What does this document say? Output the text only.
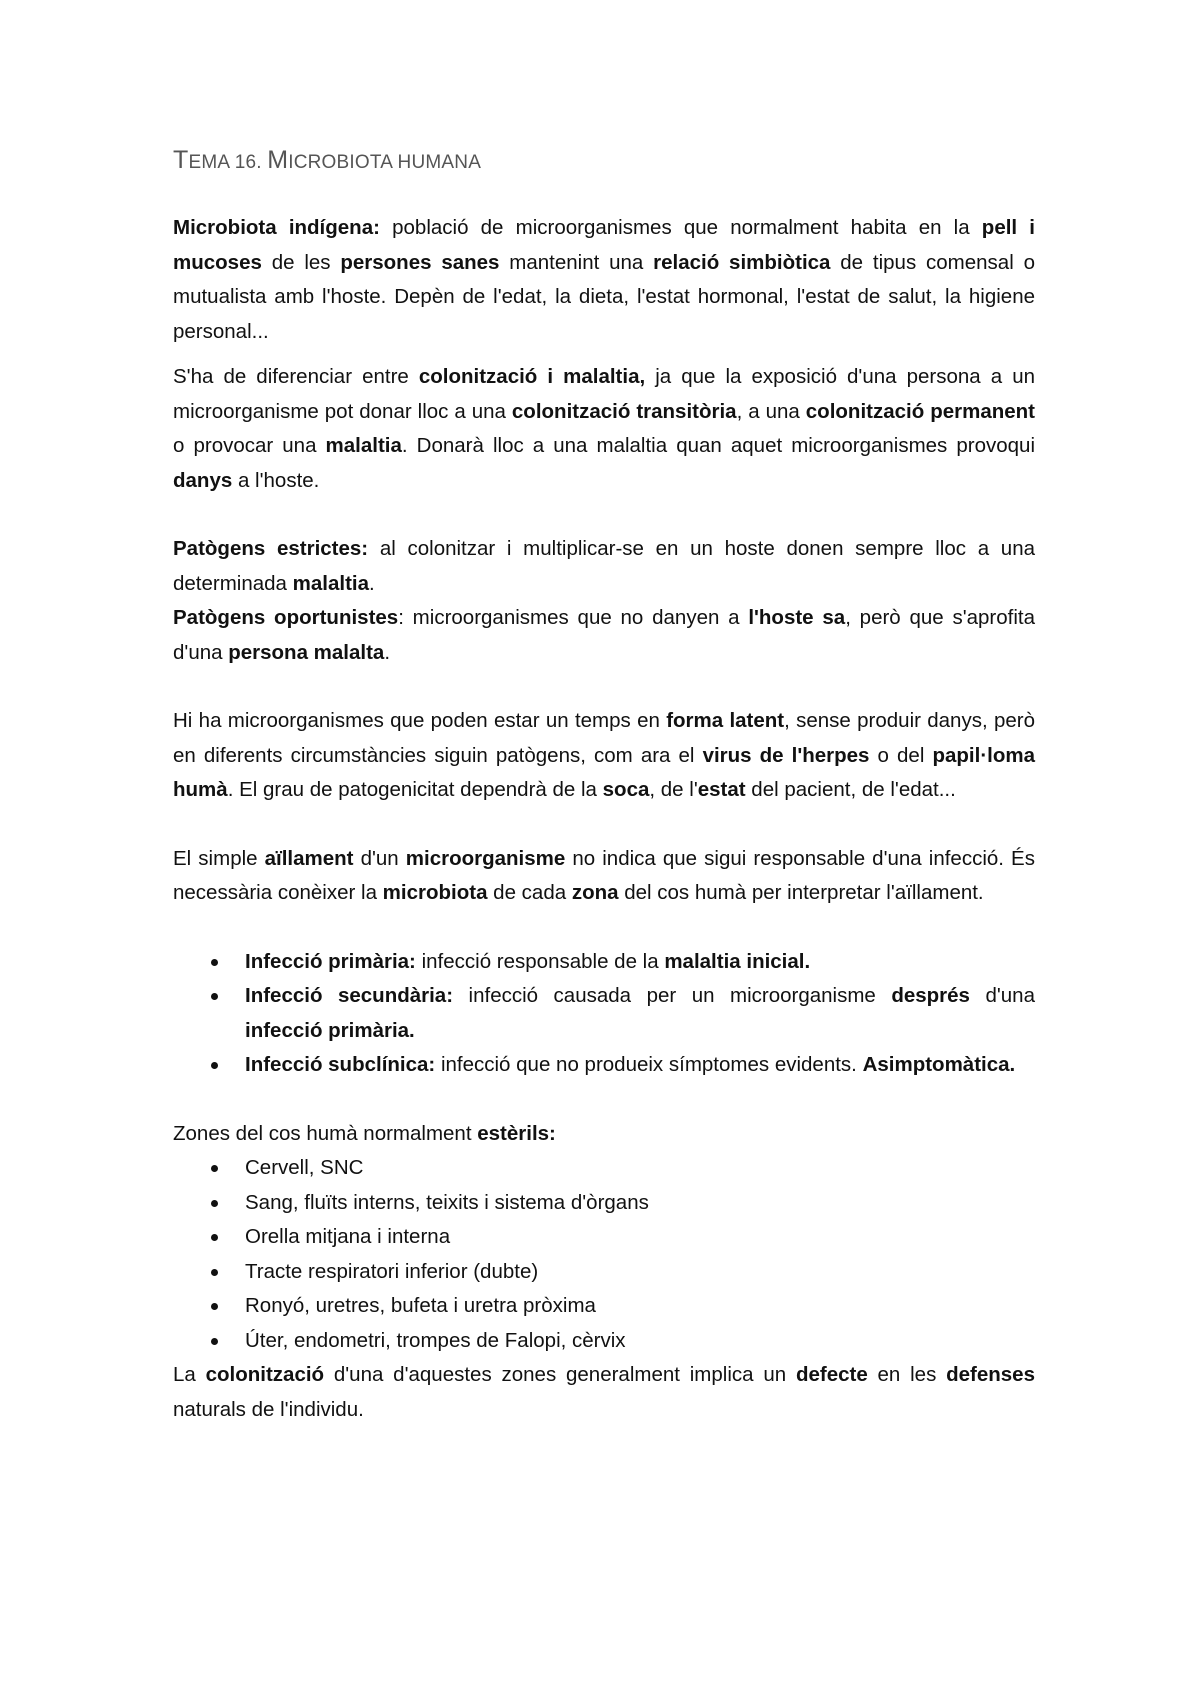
TEMA 16. MICROBIOTA HUMANA

Microbiota indígena: població de microorganismes que normalment habita en la pell i mucoses de les persones sanes mantenint una relació simbiòtica de tipus comensal o mutualista amb l'hoste. Depèn de l'edat, la dieta, l'estat hormonal, l'estat de salut, la higiene personal...

S'ha de diferenciar entre colonització i malaltia, ja que la exposició d'una persona a un microorganisme pot donar lloc a una colonització transitòria, a una colonització permanent o provocar una malaltia. Donarà lloc a una malaltia quan aquet microorganismes provoqui danys a l'hoste.

Patògens estrictes: al colonitzar i multiplicar-se en un hoste donen sempre lloc a una determinada malaltia.

Patògens oportunistes: microorganismes que no danyen a l'hoste sa, però que s'aprofita d'una persona malalta.

Hi ha microorganismes que poden estar un temps en forma latent, sense produir danys, però en diferents circumstàncies siguin patògens, com ara el virus de l'herpes o del papil·loma humà. El grau de patogenicitat dependrà de la soca, de l'estat del pacient, de l'edat...

El simple aïllament d'un microorganisme no indica que sigui responsable d'una infecció. És necessària conèixer la microbiota de cada zona del cos humà per interpretar l'aïllament.

Infecció primària: infecció responsable de la malaltia inicial.
Infecció secundària: infecció causada per un microorganisme després d'una infecció primària.
Infecció subclínica: infecció que no produeix símptomes evidents. Asimptomàtica.

Zones del cos humà normalment estèrils:

Cervell, SNC
Sang, fluïts interns, teixits i sistema d'òrgans
Orella mitjana i interna
Tracte respiratori inferior (dubte)
Ronyó, uretres, bufeta i uretra pròxima
Úter, endometri, trompes de Falopi, cèrvix

La colonització d'una d'aquestes zones generalment implica un defecte en les defenses naturals de l'individu.
